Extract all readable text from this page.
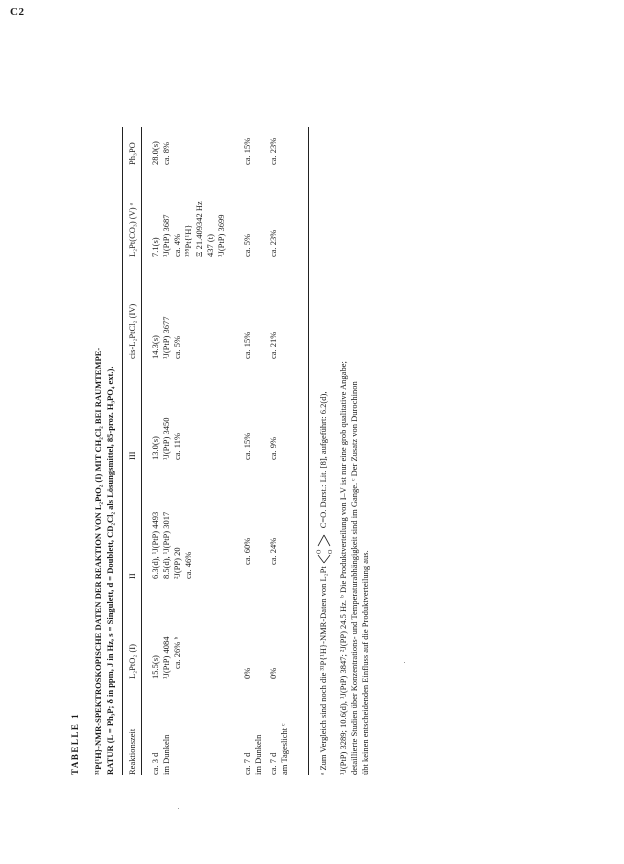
C2
TABELLE 1 ³¹P{¹H}-NMR-SPEKTROSKOPISCHE DATEN DER REAKTION VON L₂PtO₂ (I) MIT CH₂Cl₂ BEI RAUMTEMPE- RATUR (L = Ph₃P; δ in ppm, J in Hz, s = Singulett, d = Doublett, CD₂Cl₂ als Lösungsmittel, 85-proz. H₃PO₄ ext.). Reaktionszeit
L₂PtO₂ (I)
II
III
cis-L₂PtCl₂ (IV)
L₂Pt(CO₃) (V) ᵃ
Ph₃PO
ca. 3 d im Dunkeln
15.5(s) ¹J(PtP) 4084 ca. 26% ᵇ
6.3(d), ¹J(PtP) 4493 8.5(d), ¹J(PtP) 3017 ²J(PP) 20 ca. 46%
13.0(s) ¹J(PtP) 3450 ca. 11%
14.3(s) ¹J(PtP) 3677 ca. 5%
7.1(s) ¹J(PtP) 3687 ca. 4% ¹⁹⁵Pt{¹H} Ξ 21.409342 Hz 437 (t) ¹J(PtP) 3699
28.0(s) ca. 8%
ca. 7 d im Dunkeln
0%
ca. 60%
ca. 15%
ca. 15%
ca. 5%
ca. 15%
ca. 7 d am Tageslicht ᶜ
0%
ca. 24%
ca. 9%
ca. 21%
ca. 23%
ca. 23%
ᵃ Zum Vergleich sind noch die ³¹P{¹H}-NMR-Daten von L₂Pt
O O
C=O. Darst.: Lit. [8], aufgeführt: 6.2(d),	¹J(PtP) 3289; 10.6(d), ¹J(PtP) 3847; ²J(PP) 24.5 Hz. ᵇ Die Produktverteilung von I–V ist nur eine grob qualitative Angabe; detaillierte Studien über Konzentrations- und Temperaturabhängigkeit sind im Gange. ᶜ Der Zusatz von Durochinon übt keinen entscheidenden Einfluss auf die Produktverteilung aus.
